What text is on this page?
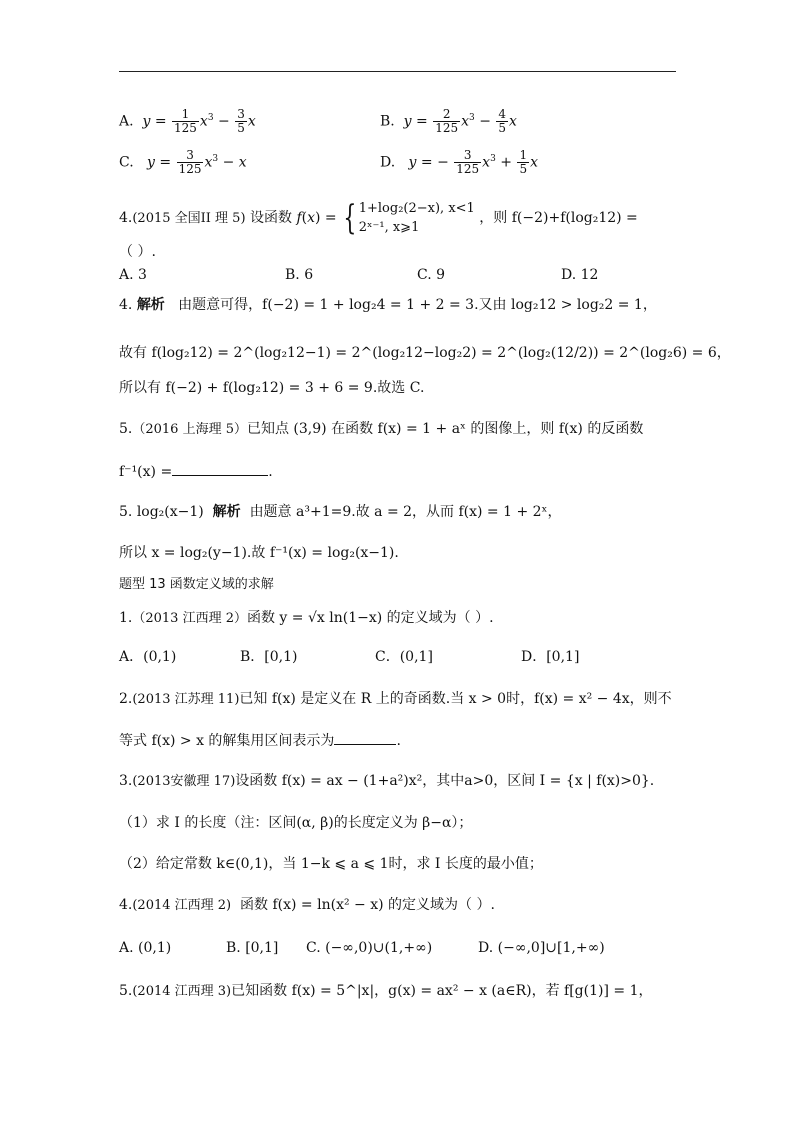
A.  $y = \frac{1}{125} x^3 - \frac{3}{5}$ x	B.  $y = \frac{2}{125} x^3 - \frac{4}{5}$ x
C.   $y = \frac{3}{125} x^3 - x$	D.   y = − $\frac{3}{125} x^3 + \frac{1}{5}$ x
4.(2015 全国II 理 5) 设函数 f(x) = { 1+log₂(2−x), x<1
2ˣ⁻¹, x⩾1
，则 f(−2)+f(log₂12) =
（ ）.
A. 3	B. 6	C. 9	D. 12
4. 解析 由题意可得，f(−2) = 1 + log₂4 = 1 + 2 = 3.又由 log₂12 > log₂2 = 1，
故有 f(log₂12) = 2^(log₂12−1) = 2^(log₂12−log₂2) = 2^(log₂(12/2)) = 2^(log₂6) = 6，
所以有 f(−2) + f(log₂12) = 3 + 6 = 9.故选 C.
5.（2016 上海理 5）已知点 (3,9) 在函数 f(x) = 1 + aˣ 的图像上，则 f(x) 的反函数
f⁻¹(x) =	.
5. log₂(x−1) 解析 由题意 a³+1=9.故 a = 2，从而 f(x) = 1 + 2ˣ，
所以 x = log₂(y−1).故 f⁻¹(x) = log₂(x−1).
题型 13 函数定义域的求解
1.（2013 江西理 2）函数 y = √x ln(1−x) 的定义域为（ ）.
A．(0,1)	B．[0,1)	C．(0,1]	D．[0,1]
2.(2013 江苏理 11)已知 f(x) 是定义在 R 上的奇函数.当 x > 0时，f(x) = x² − 4x，则不
等式 f(x) > x 的解集用区间表示为	.
3.(2013安徽理 17)设函数 f(x) = ax − (1+a²)x²，其中a>0，区间 I = {x | f(x)>0}.
（1）求 I 的长度（注：区间(α, β)的长度定义为 β−α）；
（2）给定常数 k∈(0,1)，当 1−k ⩽ a ⩽ 1时，求 I 长度的最小值；
4.(2014 江西理 2) 函数 f(x) = ln(x² − x) 的定义域为（ ）.
A. (0,1)	B. [0,1] C. (−∞,0)∪(1,+∞)	D. (−∞,0]∪[1,+∞)
5.(2014 江西理 3)已知函数 f(x) = 5^|x|，g(x) = ax² − x (a∈R)，若 f[g(1)] = 1，
